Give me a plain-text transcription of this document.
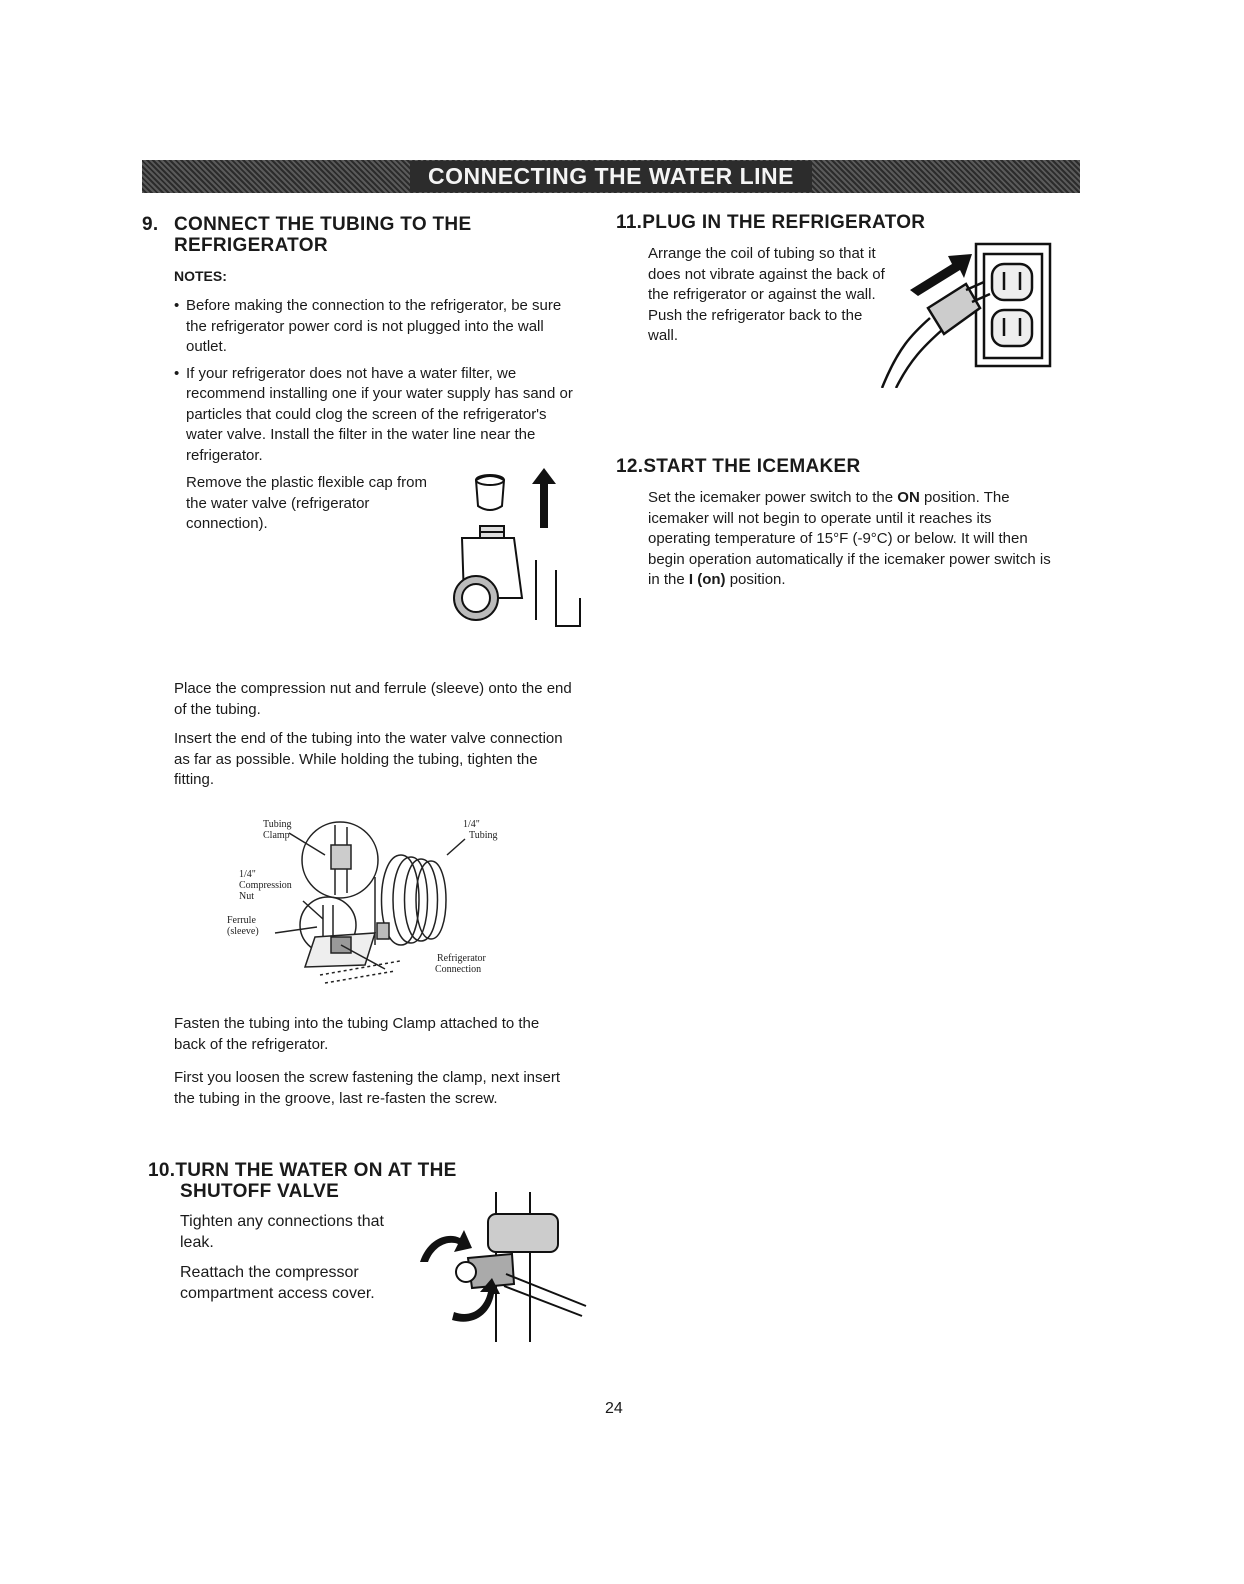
CONNECTING THE WATER LINE
9. CONNECT THE TUBING TO THE
REFRIGERATOR
NOTES:

• Before making the connection to the refrigerator, be sure the refrigerator power cord is not plugged into the wall outlet.

• If your refrigerator does not have a water filter, we recommend installing one if your water supply has sand or particles that could clog the screen of the refrigerator's water valve. Install the filter in the water line near the refrigerator.

Remove the plastic flexible cap from the water valve (refrigerator connection).

Place the compression nut and ferrule (sleeve) onto the end of the tubing.

Insert the end of the tubing into the water valve connection as far as possible. While holding the tubing, tighten the fitting.

Tubing
Clamp
1/4"
Tubing
1/4"
Compression
Nut
Ferrule
(sleeve)
Refrigerator
Connection

Fasten the tubing into the tubing Clamp attached to the back of the refrigerator.

First you loosen the screw fastening the clamp, next insert the tubing in the groove, last re-fasten the screw.

10.TURN THE WATER ON AT THE
SHUTOFF VALVE

Tighten any connections that leak.

Reattach the compressor compartment access cover.

11.PLUG IN THE REFRIGERATOR

Arrange the coil of tubing so that it does not vibrate against the back of the refrigerator or against the wall. Push the refrigerator back to the wall.

12.START THE ICEMAKER

Set the icemaker power switch to the ON position. The icemaker will not begin to operate until it reaches its operating temperature of 15°F (-9°C) or below. It will then begin operation automatically if the icemaker power switch is in the I (on) position.

24
